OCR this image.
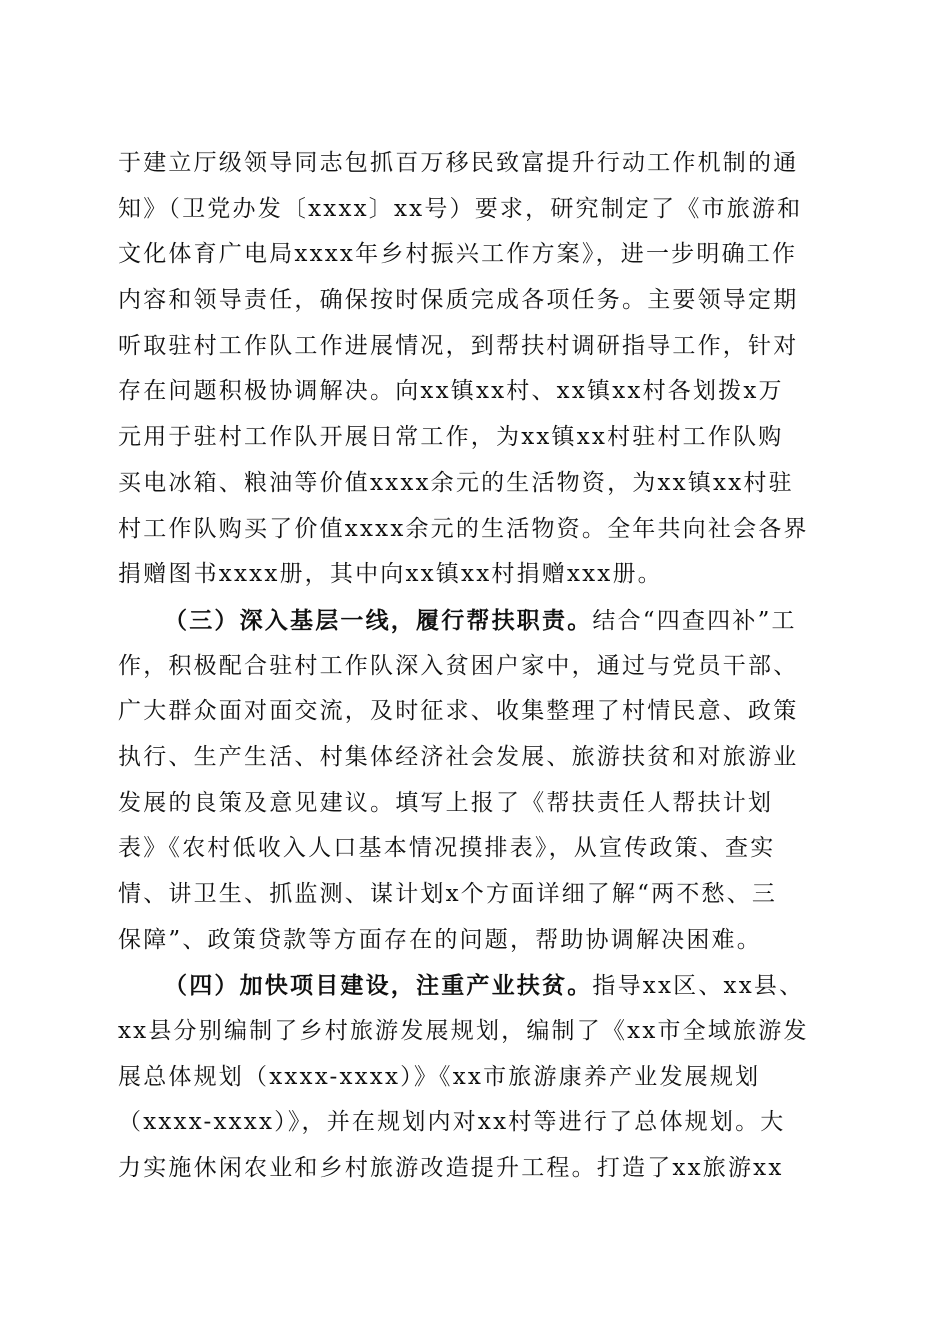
于建立厅级领导同志包抓百万移民致富提升行动工作机制的通
知》（卫党办发〔xxxx〕xx号）要求，研究制定了《市旅游和
文化体育广电局xxxx年乡村振兴工作方案》，进一步明确工作
内容和领导责任，确保按时保质完成各项任务。主要领导定期
听取驻村工作队工作进展情况，到帮扶村调研指导工作，针对
存在问题积极协调解决。向xx镇xx村、xx镇xx村各划拨x万
元用于驻村工作队开展日常工作，为xx镇xx村驻村工作队购
买电冰箱、粮油等价值xxxx余元的生活物资，为xx镇xx村驻
村工作队购买了价值xxxx余元的生活物资。全年共向社会各界
捐赠图书xxxx册，其中向xx镇xx村捐赠xxx册。
（三）深入基层一线，履行帮扶职责。结合“四查四补”工
作，积极配合驻村工作队深入贫困户家中，通过与党员干部、
广大群众面对面交流，及时征求、收集整理了村情民意、政策
执行、生产生活、村集体经济社会发展、旅游扶贫和对旅游业
发展的良策及意见建议。填写上报了《帮扶责任人帮扶计划
表》《农村低收入人口基本情况摸排表》，从宣传政策、查实
情、讲卫生、抓监测、谋计划x个方面详细了解“两不愁、三
保障”、政策贷款等方面存在的问题，帮助协调解决困难。
（四）加快项目建设，注重产业扶贫。指导xx区、xx县、
xx县分别编制了乡村旅游发展规划，编制了《xx市全域旅游发
展总体规划（xxxx-xxxx）》《xx市旅游康养产业发展规划
（xxxx-xxxx）》，并在规划内对xx村等进行了总体规划。大
力实施休闲农业和乡村旅游改造提升工程。打造了xx旅游xx
